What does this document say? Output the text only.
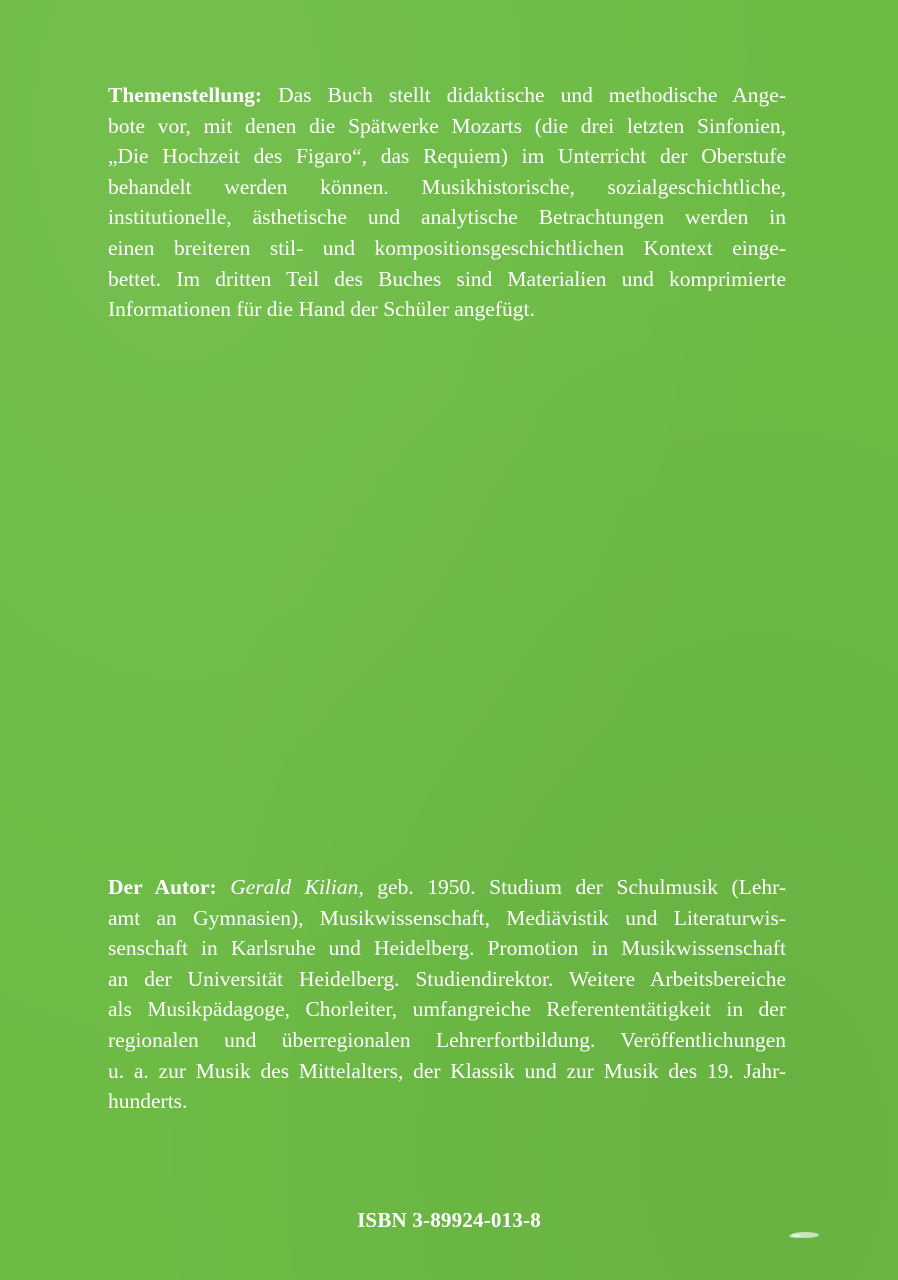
Themenstellung: Das Buch stellt didaktische und methodische Ange-
bote vor, mit denen die Spätwerke Mozarts (die drei letzten Sinfonien,
„Die Hochzeit des Figaro“, das Requiem) im Unterricht der Oberstufe
behandelt werden können. Musikhistorische, sozialgeschichtliche,
institutionelle, ästhetische und analytische Betrachtungen werden in
einen breiteren stil- und kompositionsgeschichtlichen Kontext einge-
bettet. Im dritten Teil des Buches sind Materialien und komprimierte
Informationen für die Hand der Schüler angefügt.

Der Autor: Gerald Kilian, geb. 1950. Studium der Schulmusik (Lehr-
amt an Gymnasien), Musikwissenschaft, Mediävistik und Literaturwis-
senschaft in Karlsruhe und Heidelberg. Promotion in Musikwissenschaft
an der Universität Heidelberg. Studiendirektor. Weitere Arbeitsbereiche
als Musikpädagoge, Chorleiter, umfangreiche Referententätigkeit in der
regionalen und überregionalen Lehrerfortbildung. Veröffentlichungen
u. a. zur Musik des Mittelalters, der Klassik und zur Musik des 19. Jahr-
hunderts.

ISBN 3-89924-013-8
